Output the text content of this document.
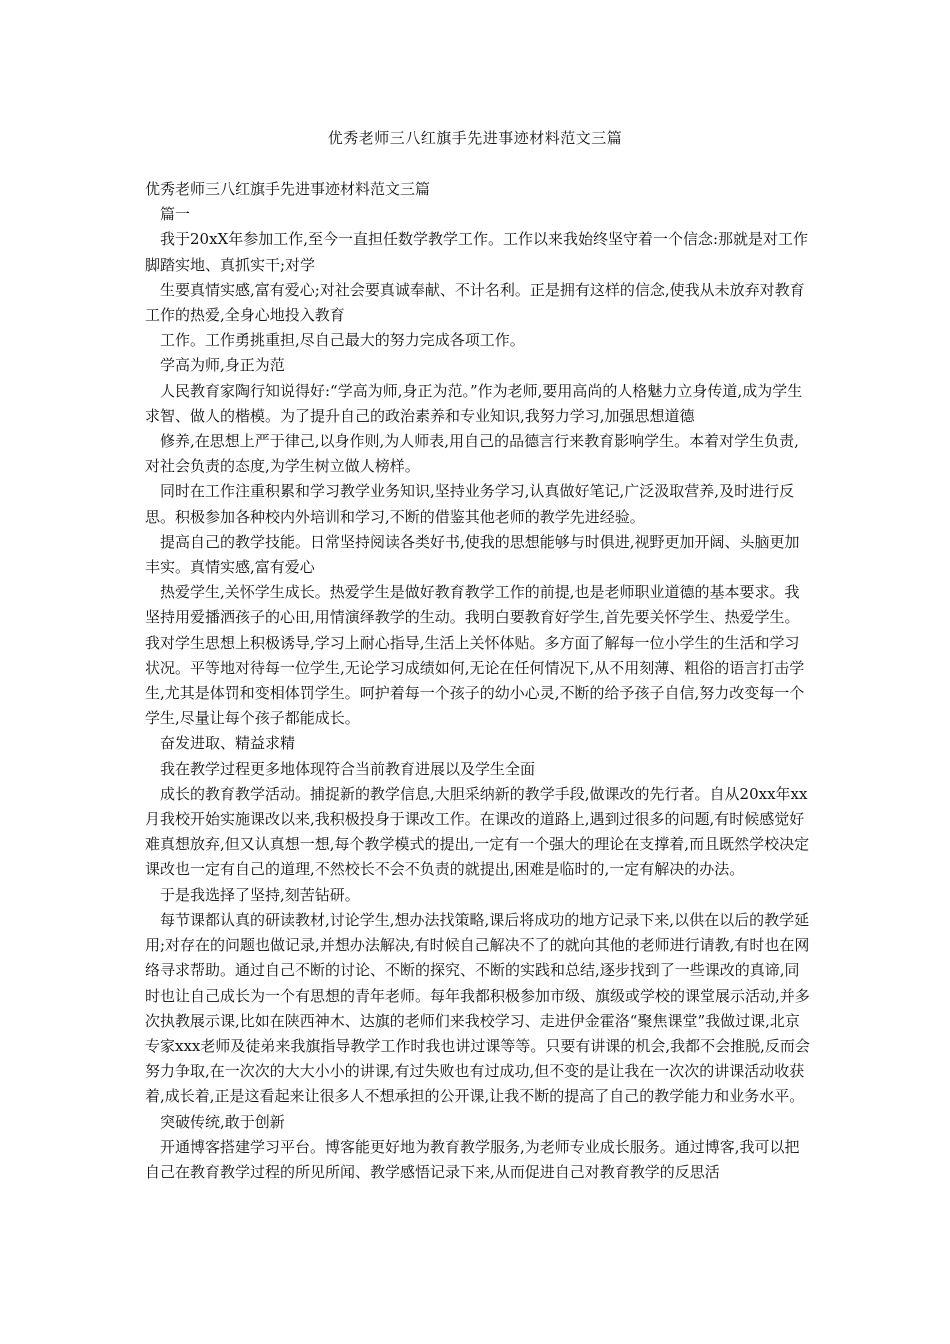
优秀老师三八红旗手先进事迹材料范文三篇

优秀老师三八红旗手先进事迹材料范文三篇

篇一

我于20xX年参加工作,至今一直担任数学教学工作。工作以来我始终坚守着一个信念:那就是对工作脚踏实地、真抓实干;对学

生要真情实感,富有爱心;对社会要真诚奉献、不计名利。正是拥有这样的信念,使我从未放弃对教育工作的热爱,全身心地投入教育

工作。工作勇挑重担,尽自己最大的努力完成各项工作。

学高为师,身正为范

人民教育家陶行知说得好:“学高为师,身正为范。”作为老师,要用高尚的人格魅力立身传道,成为学生求智、做人的楷模。为了提升自己的政治素养和专业知识,我努力学习,加强思想道德

修养,在思想上严于律己,以身作则,为人师表,用自己的品德言行来教育影响学生。本着对学生负责,对社会负责的态度,为学生树立做人榜样。

同时在工作注重积累和学习教学业务知识,坚持业务学习,认真做好笔记,广泛汲取营养,及时进行反思。积极参加各种校内外培训和学习,不断的借鉴其他老师的教学先进经验。

提高自己的教学技能。日常坚持阅读各类好书,使我的思想能够与时俱进,视野更加开阔、头脑更加丰实。真情实感,富有爱心

热爱学生,关怀学生成长。热爱学生是做好教育教学工作的前提,也是老师职业道德的基本要求。我坚持用爱播洒孩子的心田,用情演绎教学的生动。我明白要教育好学生,首先要关怀学生、热爱学生。我对学生思想上积极诱导,学习上耐心指导,生活上关怀体贴。多方面了解每一位小学生的生活和学习状况。平等地对待每一位学生,无论学习成绩如何,无论在任何情况下,从不用刻薄、粗俗的语言打击学生,尤其是体罚和变相体罚学生。呵护着每一个孩子的幼小心灵,不断的给予孩子自信,努力改变每一个学生,尽量让每个孩子都能成长。

奋发进取、精益求精

我在教学过程更多地体现符合当前教育进展以及学生全面

成长的教育教学活动。捕捉新的教学信息,大胆采纳新的教学手段,做课改的先行者。自从20xx年xx月我校开始实施课改以来,我积极投身于课改工作。在课改的道路上,遇到过很多的问题,有时候感觉好难真想放弃,但又认真想一想,每个教学模式的提出,一定有一个强大的理论在支撑着,而且既然学校决定课改也一定有自己的道理,不然校长不会不负责的就提出,困难是临时的,一定有解决的办法。

于是我选择了坚持,刻苦钻研。

每节课都认真的研读教材,讨论学生,想办法找策略,课后将成功的地方记录下来,以供在以后的教学延用;对存在的问题也做记录,并想办法解决,有时候自己解决不了的就向其他的老师进行请教,有时也在网络寻求帮助。通过自己不断的讨论、不断的探究、不断的实践和总结,逐步找到了一些课改的真谛,同时也让自己成长为一个有思想的青年老师。每年我都积极参加市级、旗级或学校的课堂展示活动,并多次执教展示课,比如在陕西神木、达旗的老师们来我校学习、走进伊金霍洛“聚焦课堂”我做过课,北京专家xxx老师及徒弟来我旗指导教学工作时我也讲过课等等。只要有讲课的机会,我都不会推脱,反而会努力争取,在一次次的大大小小的讲课,有过失败也有过成功,但不变的是让我在一次次的讲课活动收获着,成长着,正是这看起来让很多人不想承担的公开课,让我不断的提高了自己的教学能力和业务水平。

突破传统,敢于创新

开通博客搭建学习平台。博客能更好地为教育教学服务,为老师专业成长服务。通过博客,我可以把自己在教育教学过程的所见所闻、教学感悟记录下来,从而促进自己对教育教学的反思活
